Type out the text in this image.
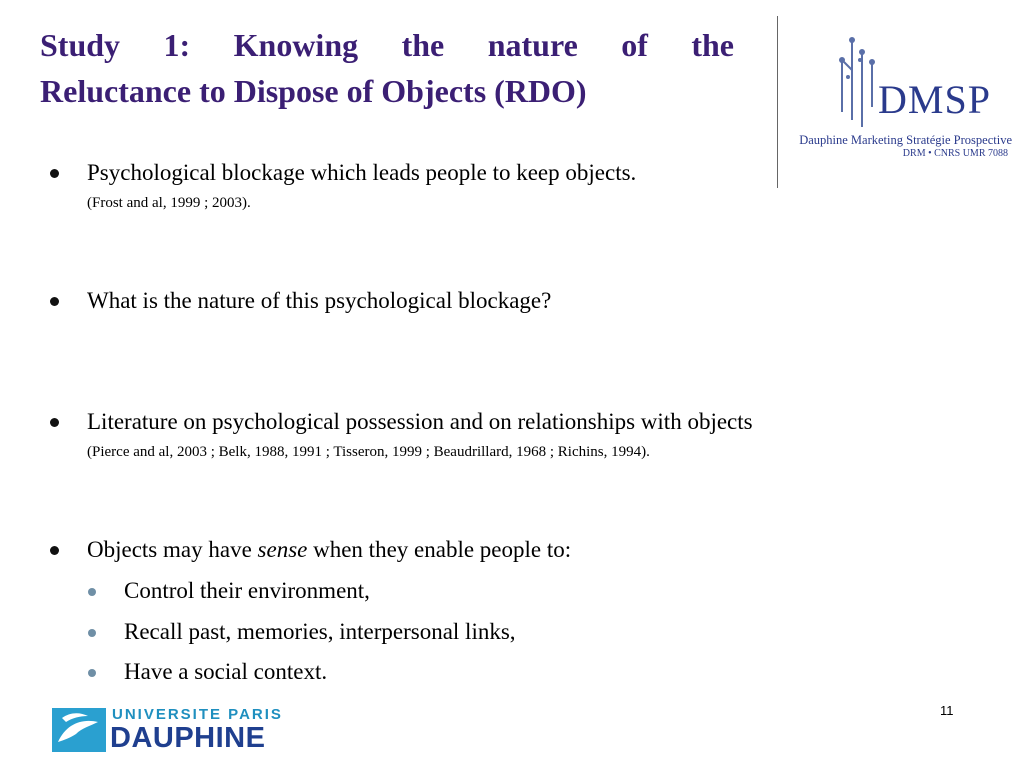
Study 1: Knowing the nature of the
Reluctance to Dispose of Objects (RDO)	DMSP
Dauphine Marketing Stratégie Prospective
DRM • CNRS UMR 7088
Psychological blockage which leads people to keep objects.
(Frost and al, 1999 ; 2003).
What is the nature of this psychological blockage?
Literature on psychological possession and on relationships with objects
(Pierce and al, 2003 ; Belk, 1988, 1991 ; Tisseron, 1999 ; Beaudrillard, 1968 ; Richins, 1994).
Objects may have sense when they enable people to:
Control their environment,
Recall past, memories, interpersonal links,
Have a social context.
11
UNIVERSITE PARIS
DAUPHINE
